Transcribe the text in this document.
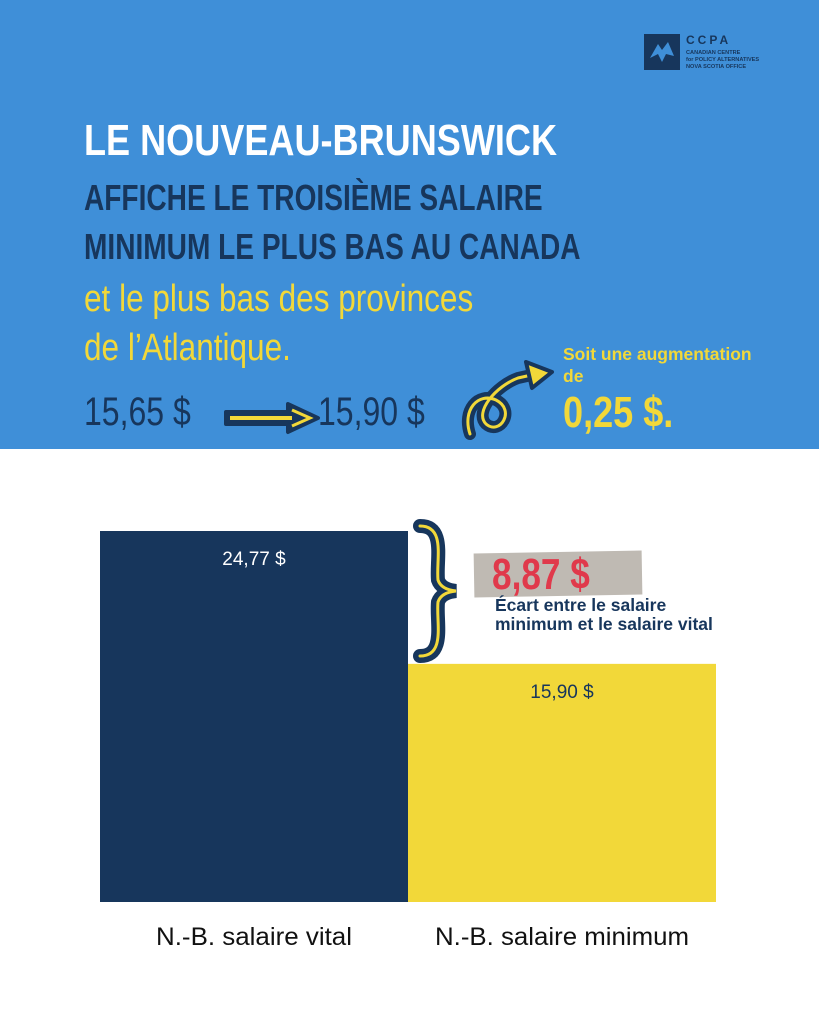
CCPA
CANADIAN CENTRE
for POLICY ALTERNATIVES
NOVA SCOTIA OFFICE
LE NOUVEAU-BRUNSWICK
AFFICHE LE TROISIÈME SALAIRE
MINIMUM LE PLUS BAS AU CANADA
et le plus bas des provinces
de l’Atlantique.
15,65 $	15,90 $
Soit une augmentation de
0,25 $.
24,77 $
N.-B. salaire vital
15,90 $
N.-B. salaire minimum
8,87 $
Écart entre le salaire minimum et le salaire vital
